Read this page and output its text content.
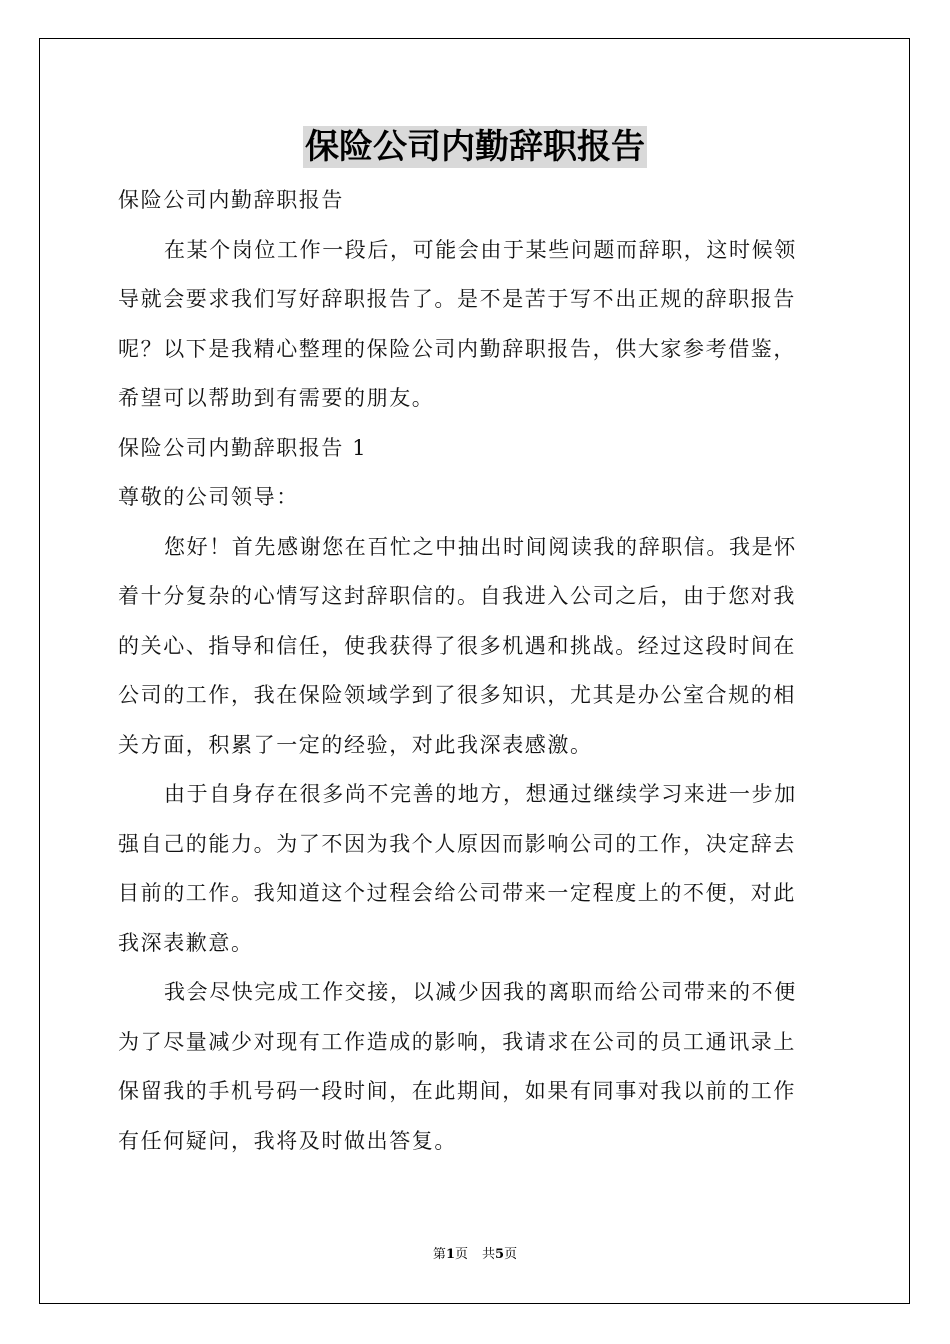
保险公司内勤辞职报告
保险公司内勤辞职报告
在某个岗位工作一段后，可能会由于某些问题而辞职，这时候领
导就会要求我们写好辞职报告了。是不是苦于写不出正规的辞职报告
呢？以下是我精心整理的保险公司内勤辞职报告，供大家参考借鉴，
希望可以帮助到有需要的朋友。
保险公司内勤辞职报告 1
尊敬的公司领导：
您好！首先感谢您在百忙之中抽出时间阅读我的辞职信。我是怀
着十分复杂的心情写这封辞职信的。自我进入公司之后，由于您对我
的关心、指导和信任，使我获得了很多机遇和挑战。经过这段时间在
公司的工作，我在保险领域学到了很多知识，尤其是办公室合规的相
关方面，积累了一定的经验，对此我深表感激。
由于自身存在很多尚不完善的地方，想通过继续学习来进一步加
强自己的能力。为了不因为我个人原因而影响公司的工作，决定辞去
目前的工作。我知道这个过程会给公司带来一定程度上的不便，对此
我深表歉意。
我会尽快完成工作交接，以减少因我的离职而给公司带来的不便
为了尽量减少对现有工作造成的影响，我请求在公司的员工通讯录上
保留我的手机号码一段时间，在此期间，如果有同事对我以前的工作
有任何疑问，我将及时做出答复。
第1页 共5页
